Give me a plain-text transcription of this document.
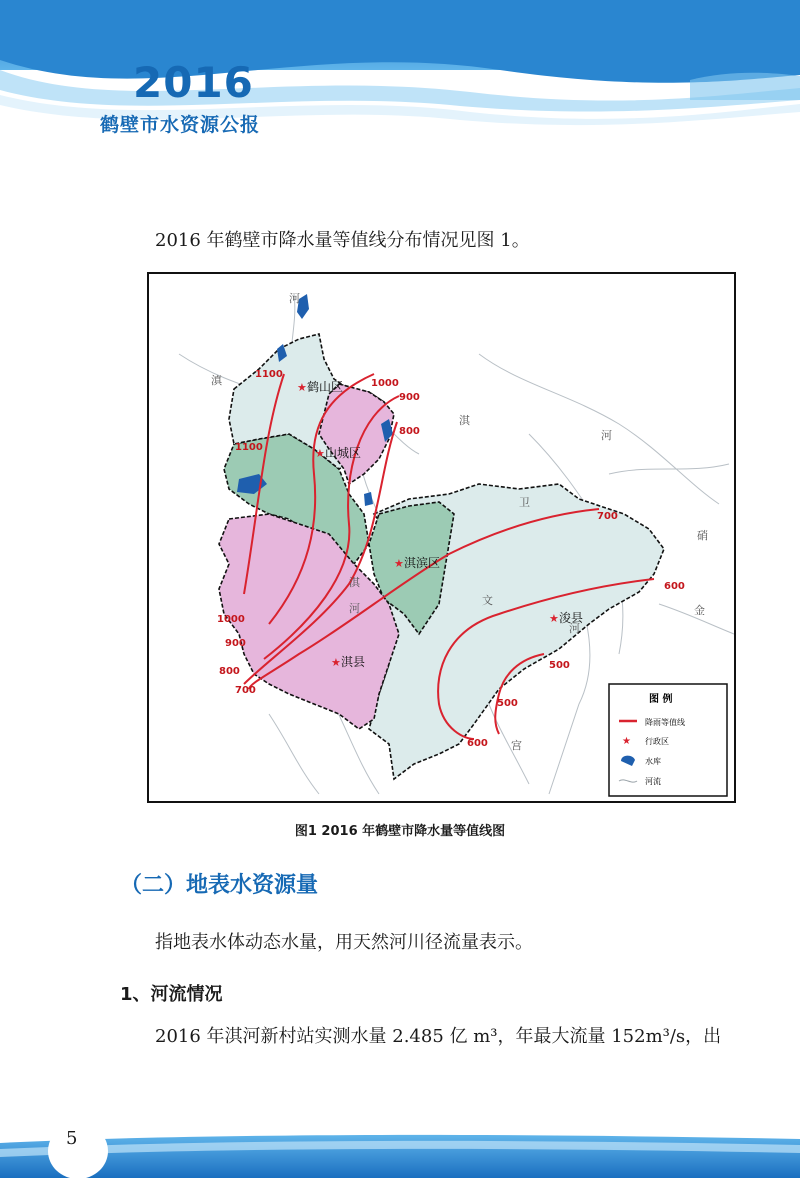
2016
鹤壁市水资源公报
2016 年鹤壁市降水量等值线分布情况见图 1。
1100
1000
900
1100
800
700
600
1000
900
800
700
500
500
600
★ 鹤山区
★ 山城区
★ 淇滨区
★ 淇县
★ 浚县
河
滇
河
硝
金
河
文
宫
卫
淇
河
淇
图 例
降雨等值线
★ 行政区
水库
河流
图1 2016 年鹤壁市降水量等值线图
（二）地表水资源量
指地表水体动态水量，用天然河川径流量表示。
1、河流情况
2016 年淇河新村站实测水量 2.485 亿 m³，年最大流量 152m³/s，出
5
